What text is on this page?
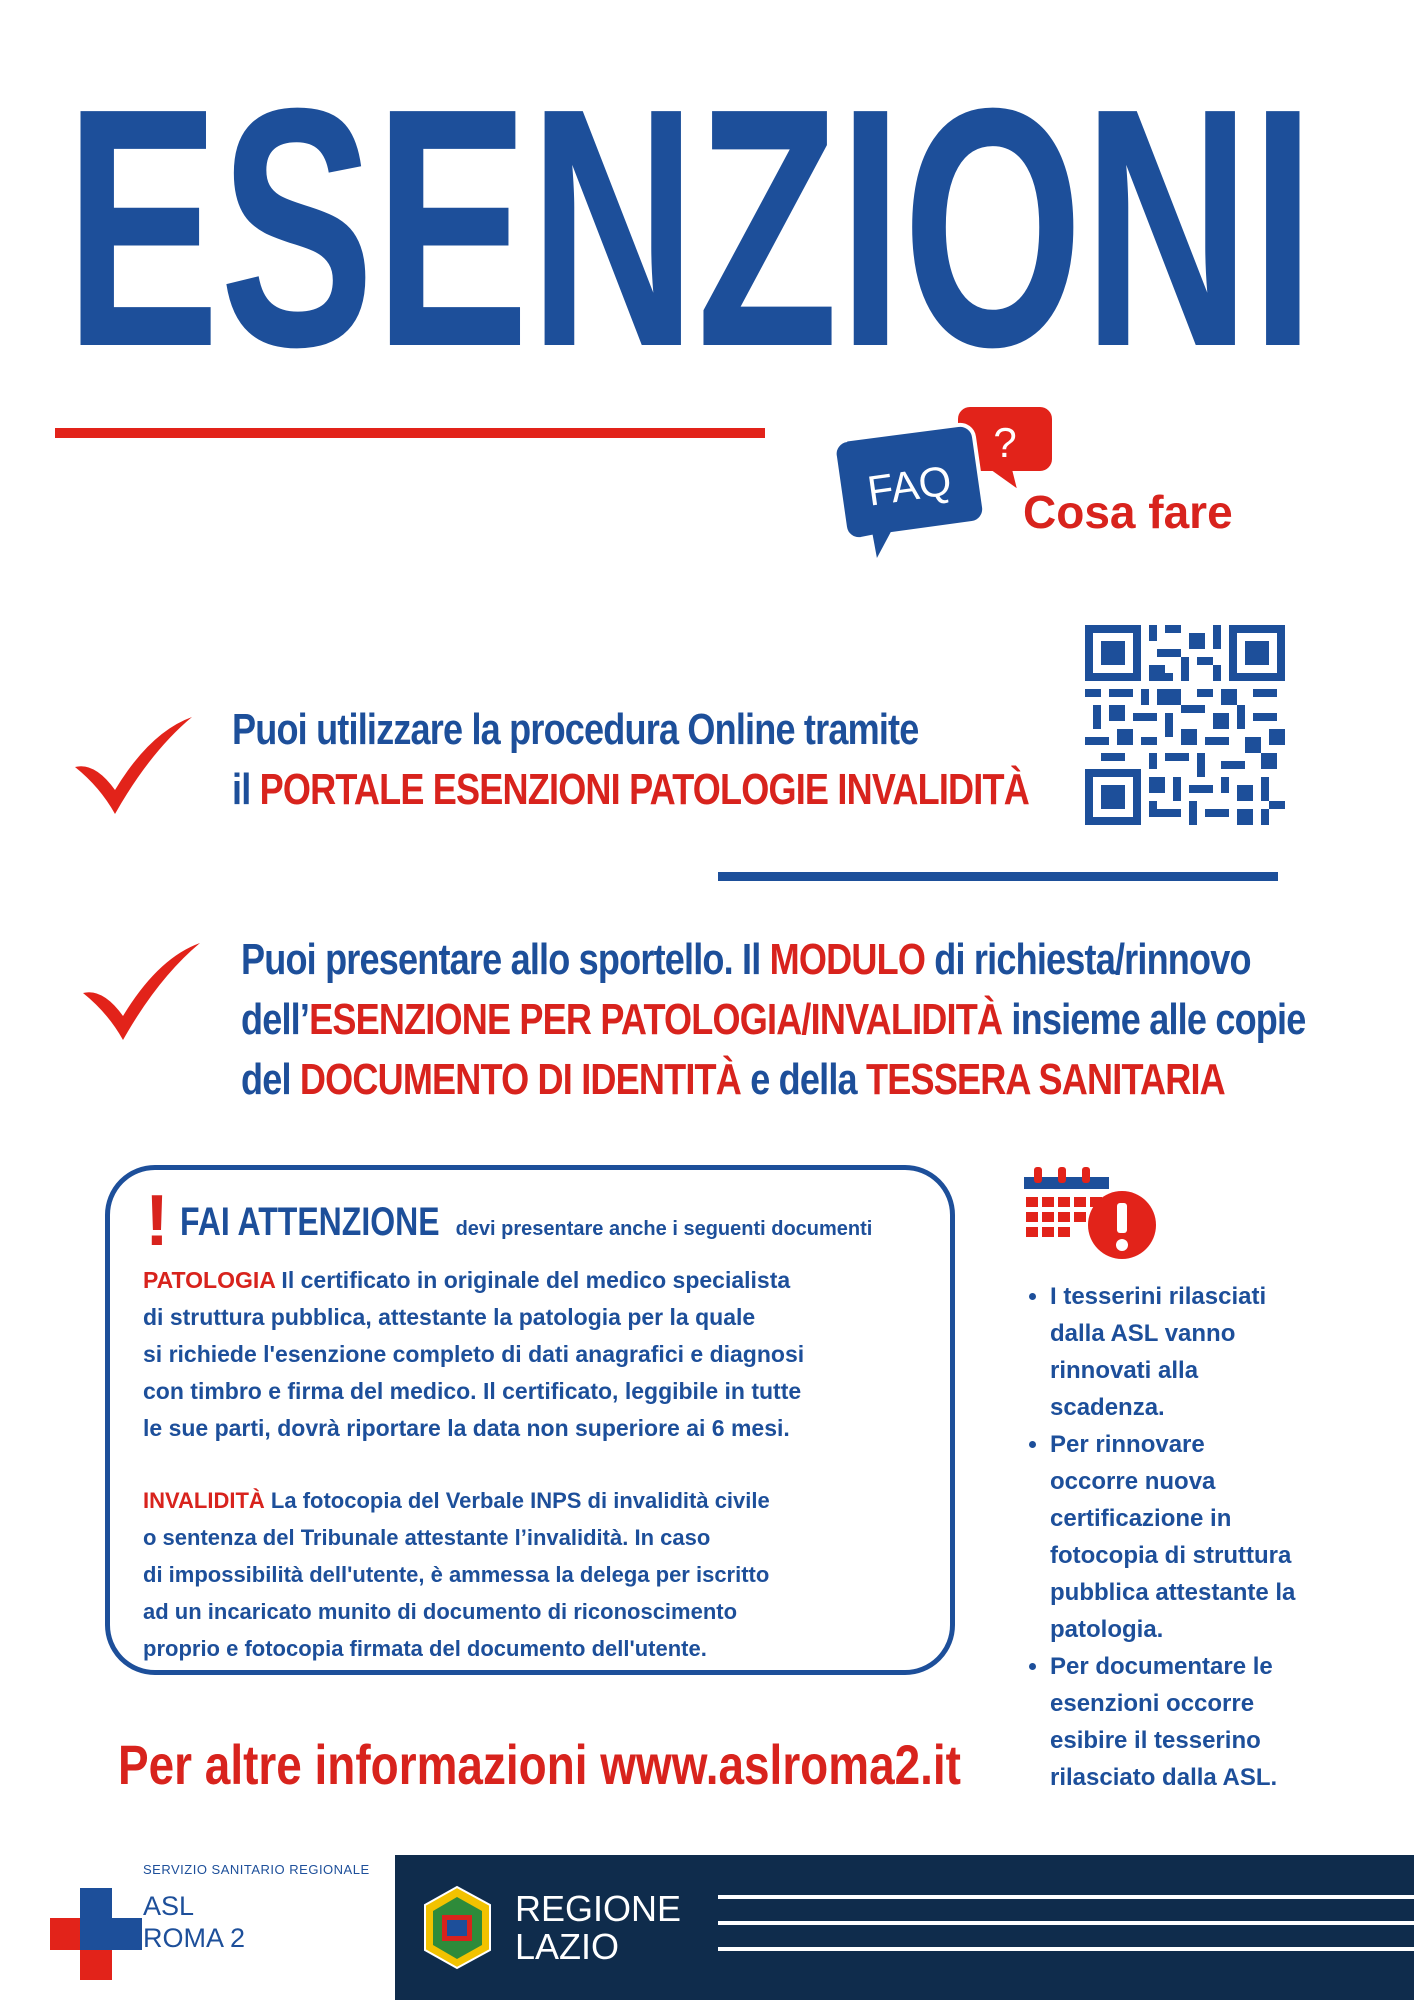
ESENZIONI
?
FAQ Cosa fare
Puoi utilizzare la procedura Online tramite
il PORTALE ESENZIONI PATOLOGIE INVALIDITÀ
Puoi presentare allo sportello. Il MODULO di richiesta/rinnovo
dell’ESENZIONE PER PATOLOGIA/INVALIDITÀ insieme alle copie
del DOCUMENTO DI IDENTITÀ e della TESSERA SANITARIA
! FAI ATTENZIONE devi presentare anche i seguenti documenti
PATOLOGIA Il certificato in originale del medico specialista
di struttura pubblica, attestante la patologia per la quale
si richiede l'esenzione completo di dati anagrafici e diagnosi
con timbro e firma del medico. Il certificato, leggibile in tutte
le sue parti, dovrà riportare la data non superiore ai 6 mesi.
INVALIDITÀ La fotocopia del Verbale INPS di invalidità civile
o sentenza del Tribunale attestante l’invalidità. In caso
di impossibilità dell'utente, è ammessa la delega per iscritto
ad un incaricato munito di documento di riconoscimento
proprio e fotocopia firmata del documento dell'utente.
• I tesserini rilasciati
dalla ASL vanno
rinnovati alla
scadenza.
• Per rinnovare
occorre nuova
certificazione in
fotocopia di struttura
pubblica attestante la
patologia.
• Per documentare le
esenzioni occorre
esibire il tesserino
rilasciato dalla ASL.
Per altre informazioni www.aslroma2.it
SERVIZIO SANITARIO REGIONALE
ASL
ROMA 2
REGIONE
LAZIO
